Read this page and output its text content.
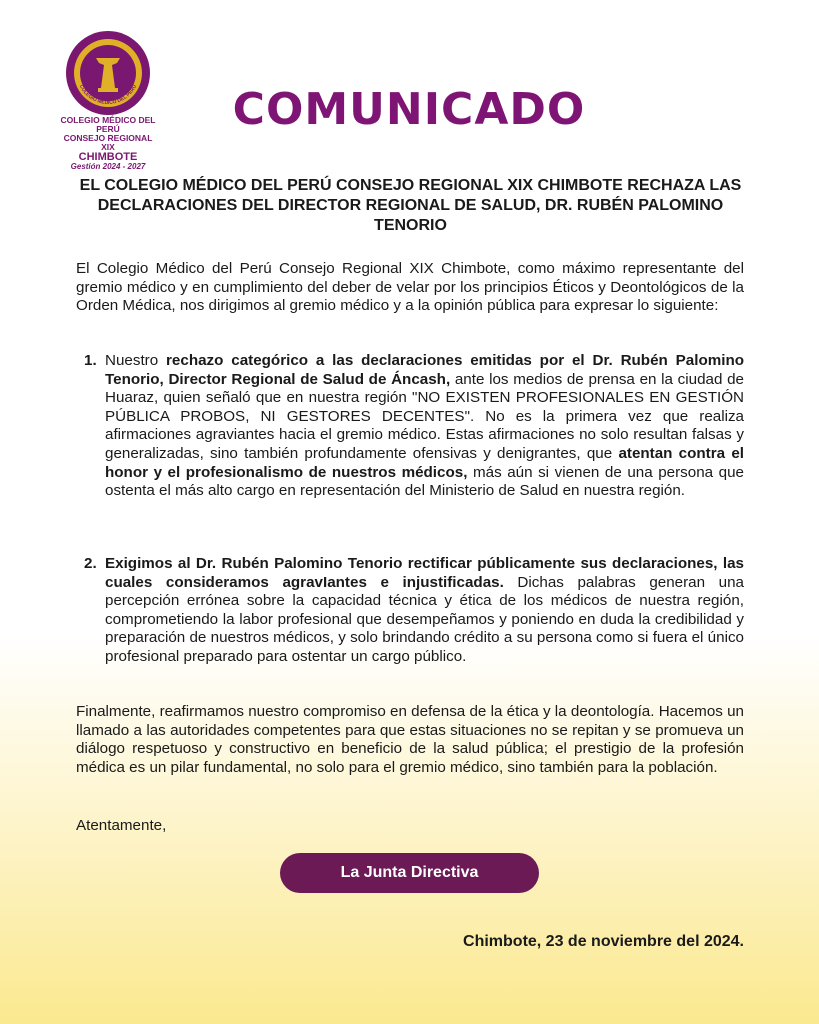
COLEGIO MÉDICO DEL PERÚ
COLEGIO MÉDICO DEL PERÚ
CONSEJO REGIONAL XIX
CHIMBOTE
Gestión 2024 - 2027
COMUNICADO
EL COLEGIO MÉDICO DEL PERÚ CONSEJO REGIONAL XIX CHIMBOTE RECHAZA LAS DECLARACIONES DEL DIRECTOR REGIONAL DE SALUD, DR. RUBÉN PALOMINO TENORIO
El Colegio Médico del Perú Consejo Regional XIX Chimbote, como máximo representante del gremio médico y en cumplimiento del deber de velar por los principios Éticos y Deontológicos de la Orden Médica, nos dirigimos al gremio médico y a la opinión pública para expresar lo siguiente:
1. Nuestro rechazo categórico a las declaraciones emitidas por el Dr. Rubén Palomino Tenorio, Director Regional de Salud de Áncash, ante los medios de prensa en la ciudad de Huaraz, quien señaló que en nuestra región "NO EXISTEN PROFESIONALES EN GESTIÓN PÚBLICA PROBOS, NI GESTORES DECENTES". No es la primera vez que realiza afirmaciones agraviantes hacia el gremio médico. Estas afirmaciones no solo resultan falsas y generalizadas, sino también profundamente ofensivas y denigrantes, que atentan contra el honor y el profesionalismo de nuestros médicos, más aún si vienen de una persona que ostenta el más alto cargo en representación del Ministerio de Salud en nuestra región.
2. Exigimos al Dr. Rubén Palomino Tenorio rectificar públicamente sus declaraciones, las cuales consideramos agravIantes e injustificadas. Dichas palabras generan una percepción errónea sobre la capacidad técnica y ética de los médicos de nuestra región, comprometiendo la labor profesional que desempeñamos y poniendo en duda la credibilidad y preparación de nuestros médicos, y solo brindando crédito a su persona como si fuera el único profesional preparado para ostentar un cargo público.
Finalmente, reafirmamos nuestro compromiso en defensa de la ética y la deontología. Hacemos un llamado a las autoridades competentes para que estas situaciones no se repitan y se promueva un diálogo respetuoso y constructivo en beneficio de la salud pública; el prestigio de la profesión médica es un pilar fundamental, no solo para el gremio médico, sino también para la población.
Atentamente,
La Junta Directiva
Chimbote, 23 de noviembre del 2024.
